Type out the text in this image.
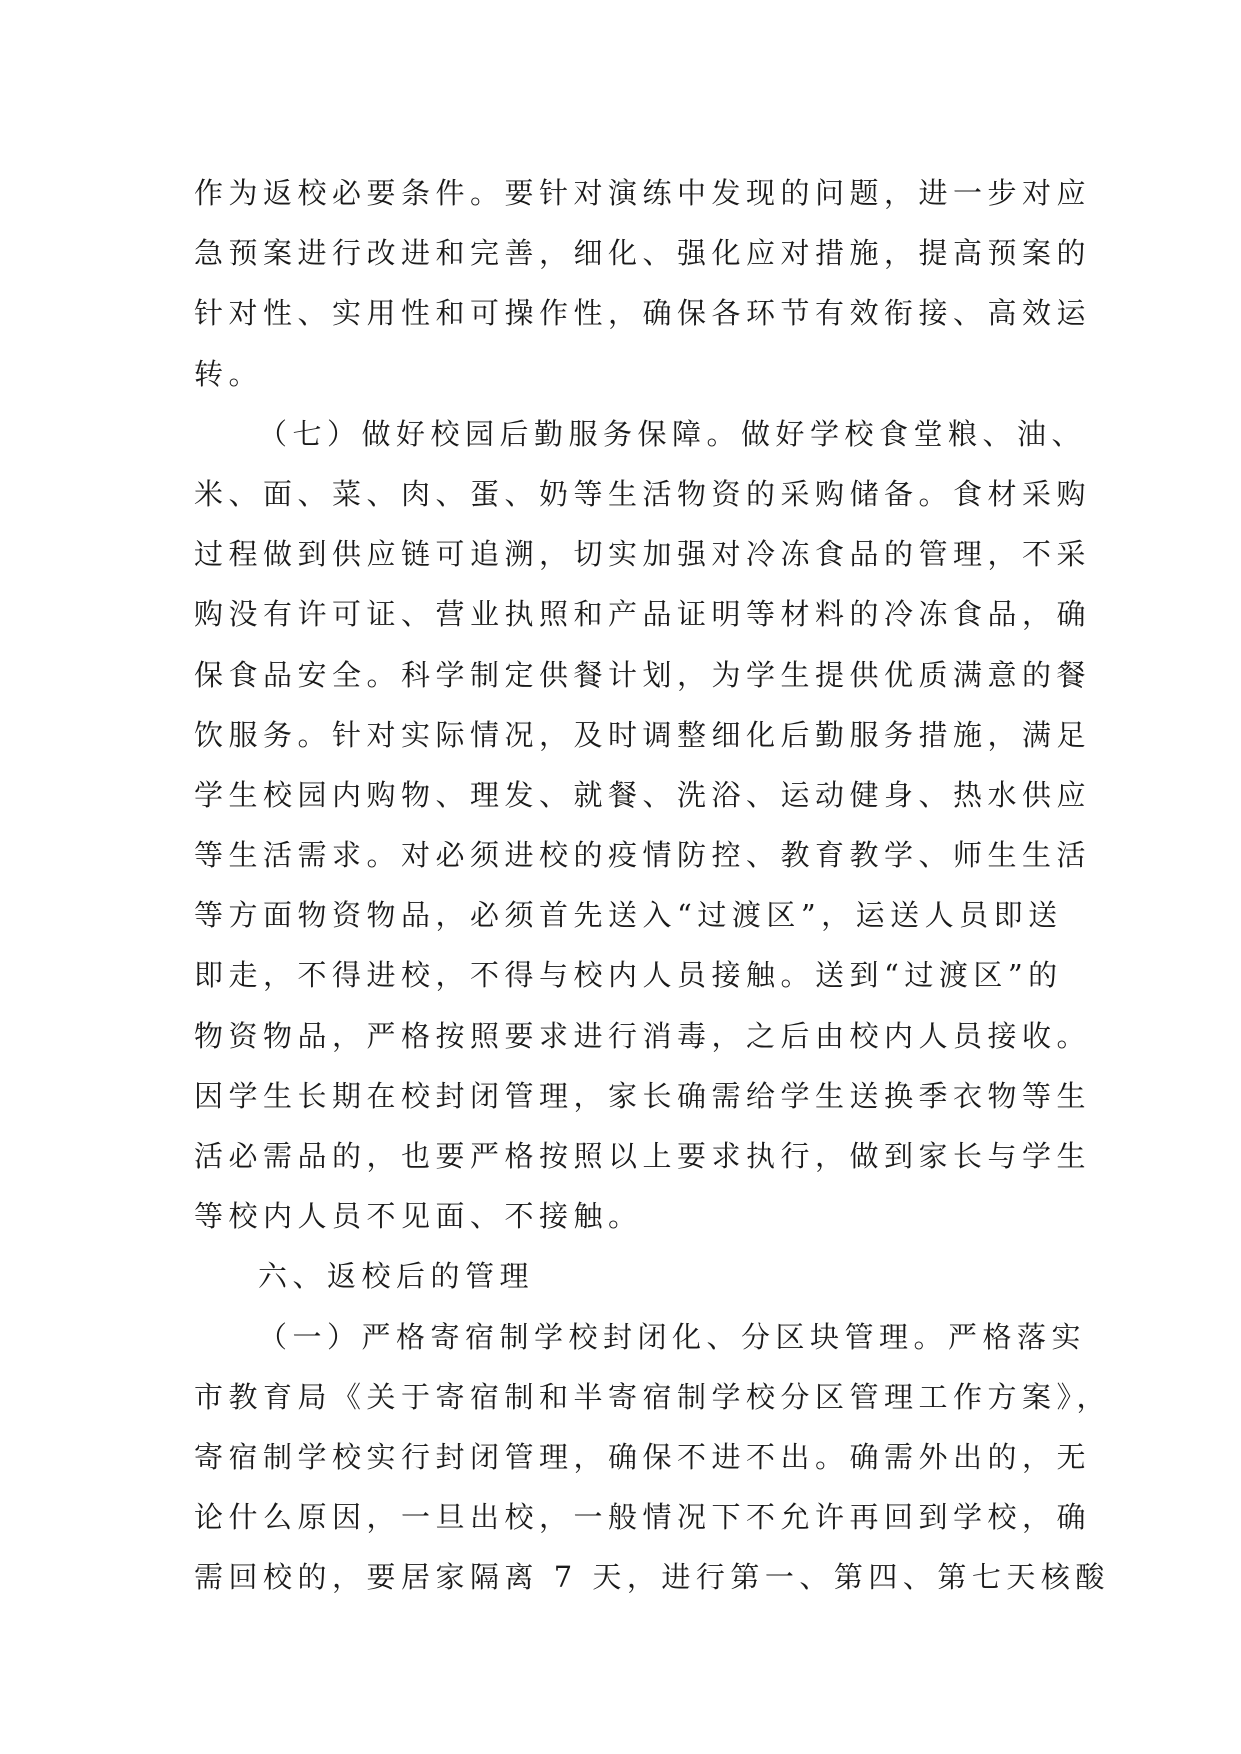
作为返校必要条件。要针对演练中发现的问题，进一步对应
急预案进行改进和完善，细化、强化应对措施，提高预案的
针对性、实用性和可操作性，确保各环节有效衔接、高效运
转。
（七）做好校园后勤服务保障。做好学校食堂粮、油、
米、面、菜、肉、蛋、奶等生活物资的采购储备。食材采购
过程做到供应链可追溯，切实加强对冷冻食品的管理，不采
购没有许可证、营业执照和产品证明等材料的冷冻食品，确
保食品安全。科学制定供餐计划，为学生提供优质满意的餐
饮服务。针对实际情况，及时调整细化后勤服务措施，满足
学生校园内购物、理发、就餐、洗浴、运动健身、热水供应
等生活需求。对必须进校的疫情防控、教育教学、师生生活
等方面物资物品，必须首先送入“过渡区”，运送人员即送
即走，不得进校，不得与校内人员接触。送到“过渡区”的
物资物品，严格按照要求进行消毒，之后由校内人员接收。
因学生长期在校封闭管理，家长确需给学生送换季衣物等生
活必需品的，也要严格按照以上要求执行，做到家长与学生
等校内人员不见面、不接触。
六、返校后的管理
（一）严格寄宿制学校封闭化、分区块管理。严格落实
市教育局《关于寄宿制和半寄宿制学校分区管理工作方案》，
寄宿制学校实行封闭管理，确保不进不出。确需外出的，无
论什么原因，一旦出校，一般情况下不允许再回到学校，确
需回校的，要居家隔离 7 天，进行第一、第四、第七天核酸
